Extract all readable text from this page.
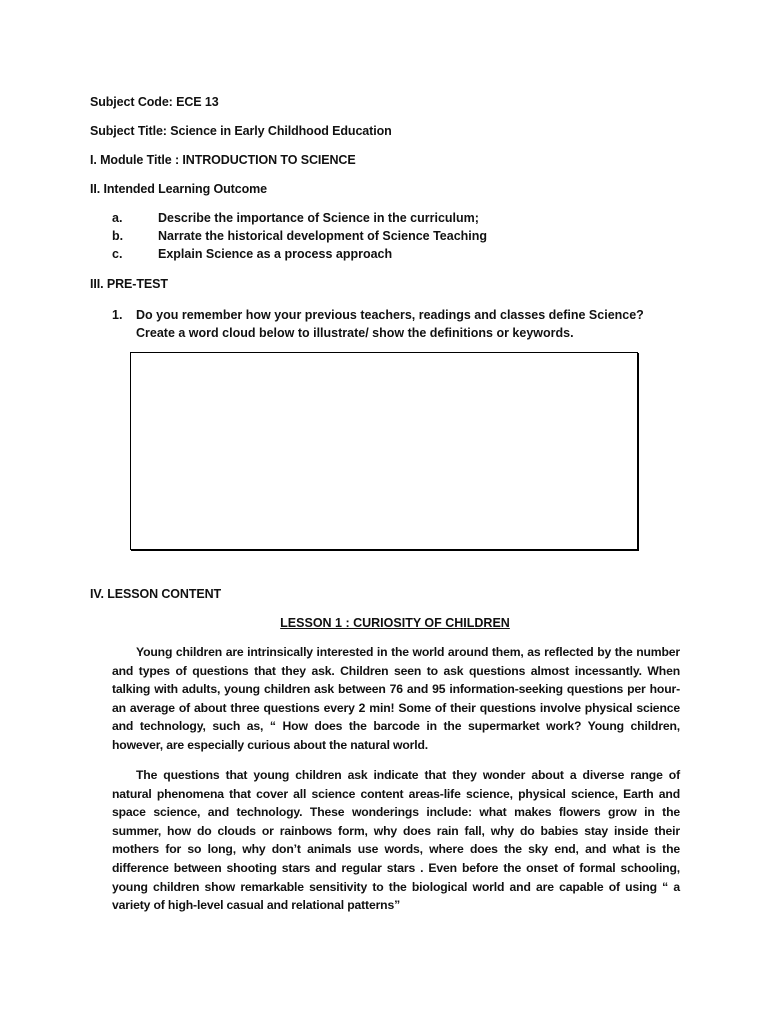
Subject Code: ECE 13
Subject Title: Science in Early Childhood Education
I. Module Title : INTRODUCTION TO SCIENCE
II. Intended Learning Outcome
a.	Describe the importance of Science in the curriculum;
b.	Narrate the historical development of Science Teaching
c.	Explain Science as a process approach
III. PRE-TEST
1. Do you remember how your previous teachers, readings and classes define Science? Create a word cloud below to illustrate/ show the definitions or keywords.
IV. LESSON CONTENT
LESSON 1 : CURIOSITY OF CHILDREN

Young children are intrinsically interested in the world around them, as reflected by the number and types of questions that they ask. Children seen to ask questions almost incessantly. When talking with adults, young children ask between 76 and 95 information-seeking questions per hour-an average of about three questions every 2 min! Some of their questions involve physical science and technology, such as, “ How does the barcode in the supermarket work? Young children, however, are especially curious about the natural world.

The questions that young children ask indicate that they wonder about a diverse range of natural phenomena that cover all science content areas-life science, physical science, Earth and space science, and technology. These wonderings include: what makes flowers grow in the summer, how do clouds or rainbows form, why does rain fall, why do babies stay inside their mothers for so long, why don’t animals use words, where does the sky end, and what is the difference between shooting stars and regular stars . Even before the onset of formal schooling, young children show remarkable sensitivity to the biological world and are capable of using “ a variety of high-level casual and relational patterns”
